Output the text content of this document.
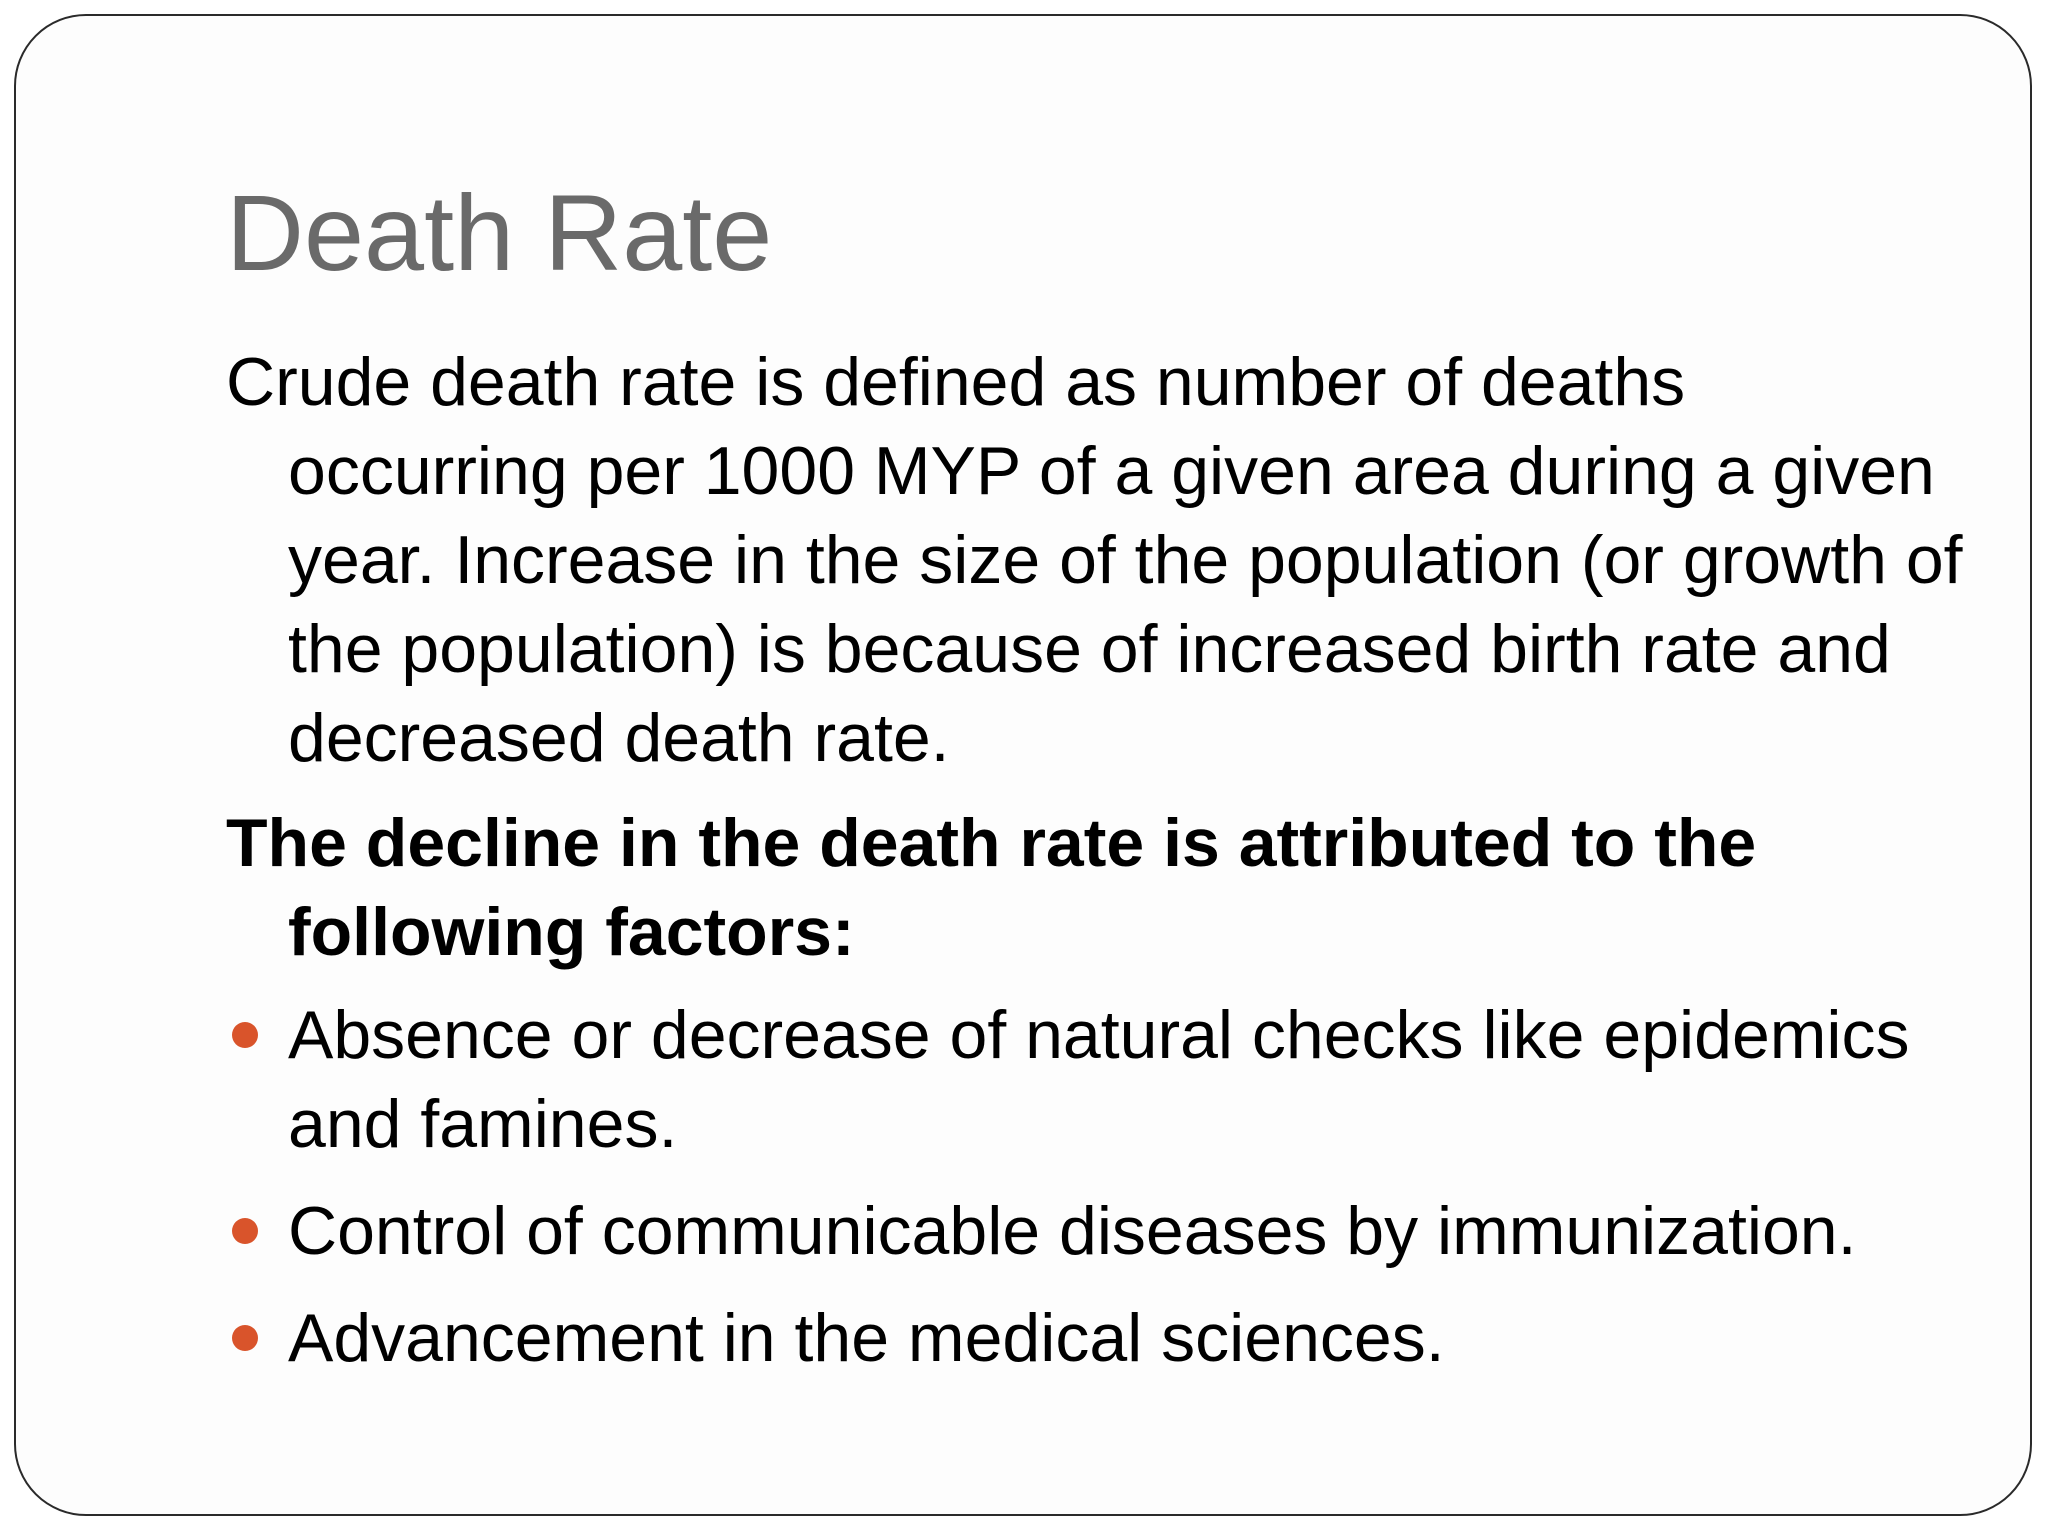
Death Rate

Crude death rate is defined as number of deaths occurring per 1000 MYP of a given area during a given year. Increase in the size of the population (or growth of the population) is because of increased birth rate and decreased death rate.

The decline in the death rate is attributed to the following factors:

Absence or decrease of natural checks like epidemics and famines.
Control of communicable diseases by immunization.
Advancement in the medical sciences.
